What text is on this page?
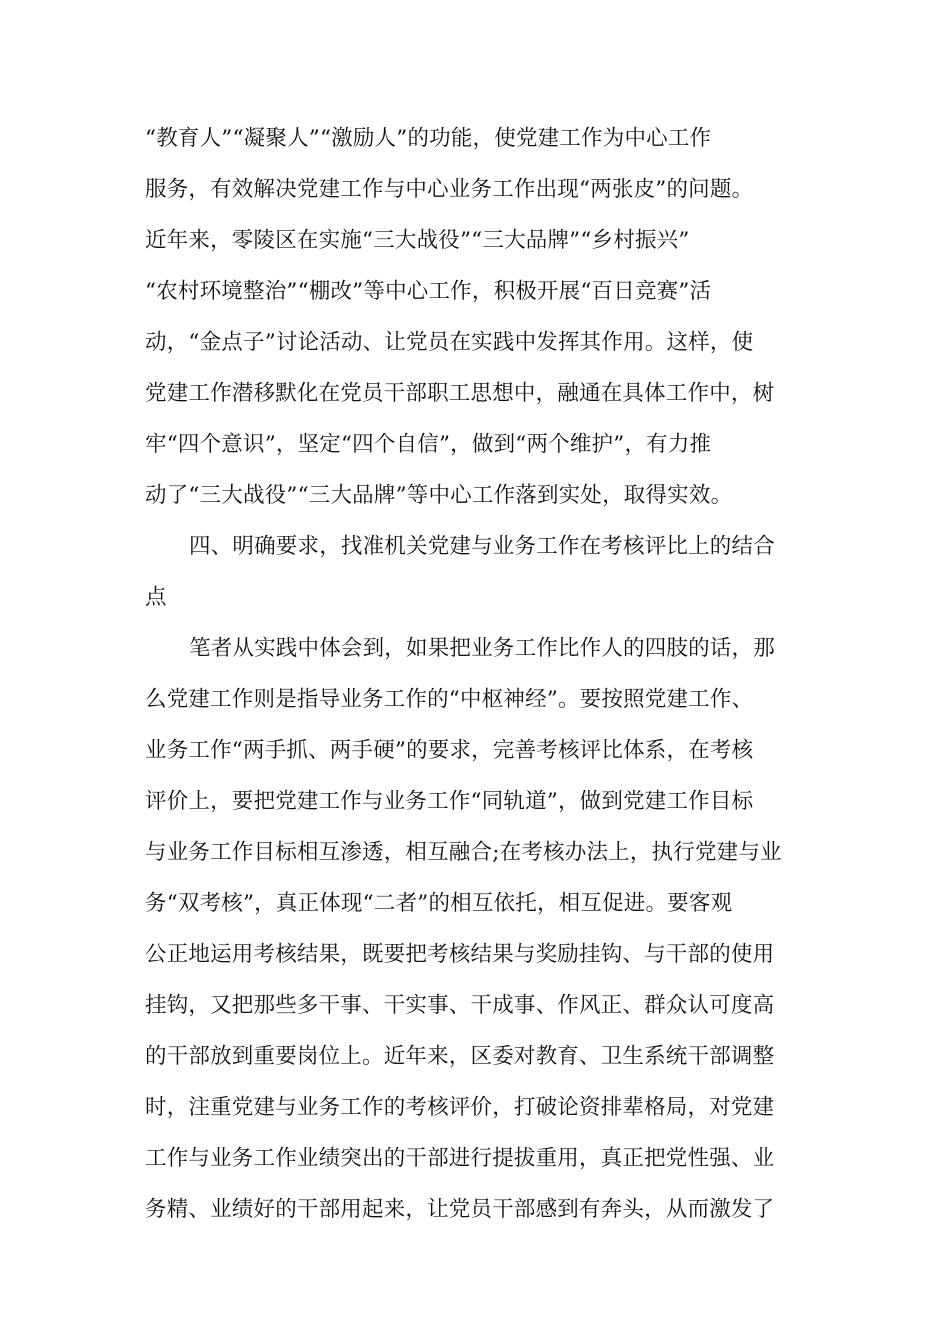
“教育人”“凝聚人”“激励人”的功能，使党建工作为中心工作
服务，有效解决党建工作与中心业务工作出现“两张皮”的问题。
近年来，零陵区在实施“三大战役”“三大品牌”“乡村振兴”
“农村环境整治”“棚改”等中心工作，积极开展“百日竞赛”活
动，“金点子”讨论活动、让党员在实践中发挥其作用。这样，使
党建工作潜移默化在党员干部职工思想中，融通在具体工作中，树
牢“四个意识”，坚定“四个自信”，做到“两个维护”，有力推
动了“三大战役”“三大品牌”等中心工作落到实处，取得实效。
四、明确要求，找准机关党建与业务工作在考核评比上的结合
点
笔者从实践中体会到，如果把业务工作比作人的四肢的话，那
么党建工作则是指导业务工作的“中枢神经”。要按照党建工作、
业务工作“两手抓、两手硬”的要求，完善考核评比体系，在考核
评价上，要把党建工作与业务工作“同轨道”，做到党建工作目标
与业务工作目标相互渗透，相互融合;在考核办法上，执行党建与业
务“双考核”，真正体现“二者”的相互依托，相互促进。要客观
公正地运用考核结果，既要把考核结果与奖励挂钩、与干部的使用
挂钩，又把那些多干事、干实事、干成事、作风正、群众认可度高
的干部放到重要岗位上。近年来，区委对教育、卫生系统干部调整
时，注重党建与业务工作的考核评价，打破论资排辈格局，对党建
工作与业务工作业绩突出的干部进行提拔重用，真正把党性强、业
务精、业绩好的干部用起来，让党员干部感到有奔头，从而激发了
